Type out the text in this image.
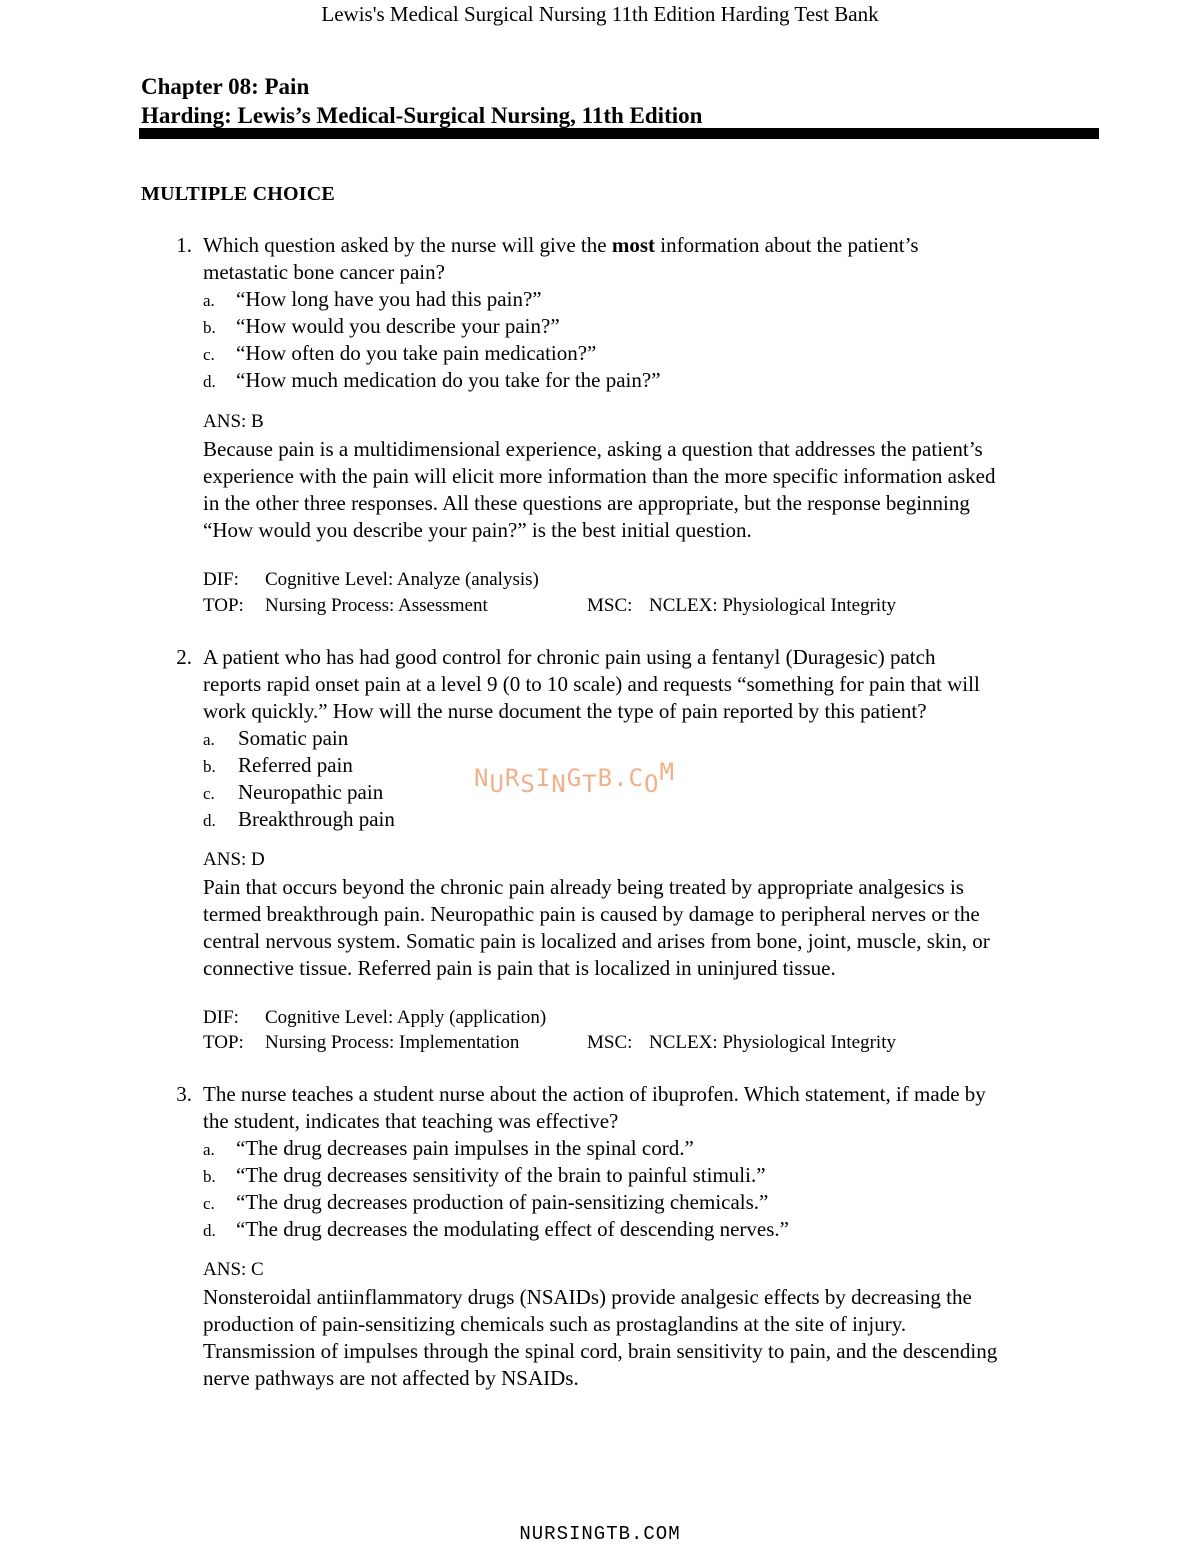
Lewis's Medical Surgical Nursing 11th Edition Harding Test Bank
Chapter 08: Pain
Harding: Lewis’s Medical-Surgical Nursing, 11th Edition
MULTIPLE CHOICE
1. Which question asked by the nurse will give the most information about the patient’s
metastatic bone cancer pain?
a. “How long have you had this pain?”
b. “How would you describe your pain?”
c. “How often do you take pain medication?”
d. “How much medication do you take for the pain?”
ANS: B
Because pain is a multidimensional experience, asking a question that addresses the patient’s
experience with the pain will elicit more information than the more specific information asked
in the other three responses. All these questions are appropriate, but the response beginning
“How would you describe your pain?” is the best initial question.
DIF: Cognitive Level: Analyze (analysis)
TOP: Nursing Process: Assessment	MSC: NCLEX: Physiological Integrity
2. A patient who has had good control for chronic pain using a fentanyl (Duragesic) patch
reports rapid onset pain at a level 9 (0 to 10 scale) and requests “something for pain that will
work quickly.” How will the nurse document the type of pain reported by this patient?
a. Somatic pain
b. Referred pain
c. Neuropathic pain
d. Breakthrough pain
ANS: D
Pain that occurs beyond the chronic pain already being treated by appropriate analgesics is
termed breakthrough pain. Neuropathic pain is caused by damage to peripheral nerves or the
central nervous system. Somatic pain is localized and arises from bone, joint, muscle, skin, or
connective tissue. Referred pain is pain that is localized in uninjured tissue.
DIF: Cognitive Level: Apply (application)
TOP: Nursing Process: Implementation	MSC: NCLEX: Physiological Integrity
NURSINGTB.COM
3. The nurse teaches a student nurse about the action of ibuprofen. Which statement, if made by
the student, indicates that teaching was effective?
a. “The drug decreases pain impulses in the spinal cord.”
b. “The drug decreases sensitivity of the brain to painful stimuli.”
c. “The drug decreases production of pain-sensitizing chemicals.”
d. “The drug decreases the modulating effect of descending nerves.”
ANS: C
Nonsteroidal antiinflammatory drugs (NSAIDs) provide analgesic effects by decreasing the
production of pain-sensitizing chemicals such as prostaglandins at the site of injury.
Transmission of impulses through the spinal cord, brain sensitivity to pain, and the descending
nerve pathways are not affected by NSAIDs.
NURSINGTB.COM
